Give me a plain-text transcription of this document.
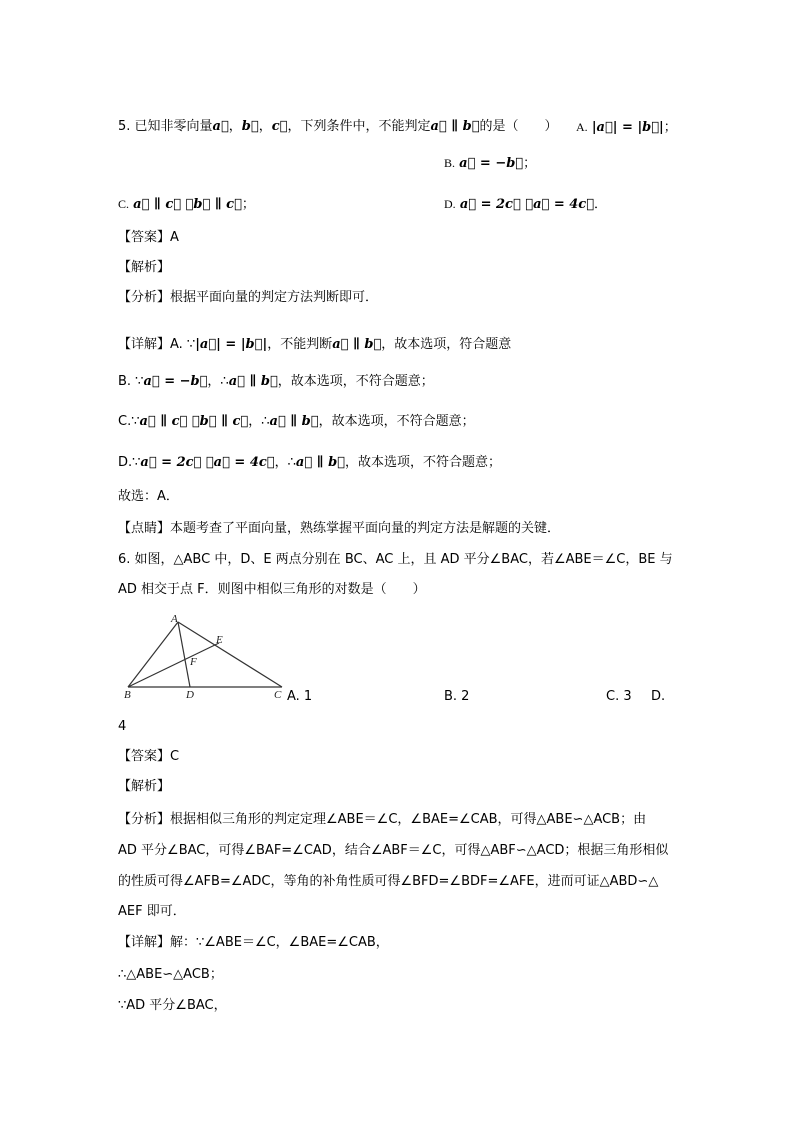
5. 已知非零向量a⃗，b⃗，c⃗，下列条件中，不能判定a⃗ ∥ b⃗的是（　　） A. |a⃗| = |b⃗|；
B. a⃗ = −b⃗；
C. a⃗ ∥ c⃗ ，b⃗ ∥ c⃗；	D. a⃗ = 2c⃗ ，a⃗ = 4c⃗．
【答案】A
【解析】
【分析】根据平面向量的判定方法判断即可．
【详解】A. ∵|a⃗| = |b⃗|，不能判断a⃗ ∥ b⃗，故本选项，符合题意
B. ∵a⃗ = −b⃗，∴a⃗ ∥ b⃗，故本选项，不符合题意；
C.∵a⃗ ∥ c⃗ ，b⃗ ∥ c⃗，∴a⃗ ∥ b⃗，故本选项，不符合题意；
D.∵a⃗ = 2c⃗ ，a⃗ = 4c⃗，∴a⃗ ∥ b⃗，故本选项，不符合题意；
故选：A．
【点睛】本题考查了平面向量，熟练掌握平面向量的判定方法是解题的关键．
6. 如图，△ABC 中，D、E 两点分别在 BC、AC 上，且 AD 平分∠BAC，若∠ABE＝∠C，BE 与
AD 相交于点 F．则图中相似三角形的对数是（　　）
A
B	C
D
E
F
A. 1	B. 2	C. 3 D.
4
【答案】C
【解析】
【分析】根据相似三角形的判定定理∠ABE＝∠C，∠BAE=∠CAB，可得△ABE∽△ACB；由
AD 平分∠BAC，可得∠BAF=∠CAD，结合∠ABF＝∠C，可得△ABF∽△ACD；根据三角形相似
的性质可得∠AFB=∠ADC，等角的补角性质可得∠BFD=∠BDF=∠AFE，进而可证△ABD∽△
AEF 即可．
【详解】解：∵∠ABE＝∠C，∠BAE=∠CAB，
∴△ABE∽△ACB；
∵AD 平分∠BAC，
